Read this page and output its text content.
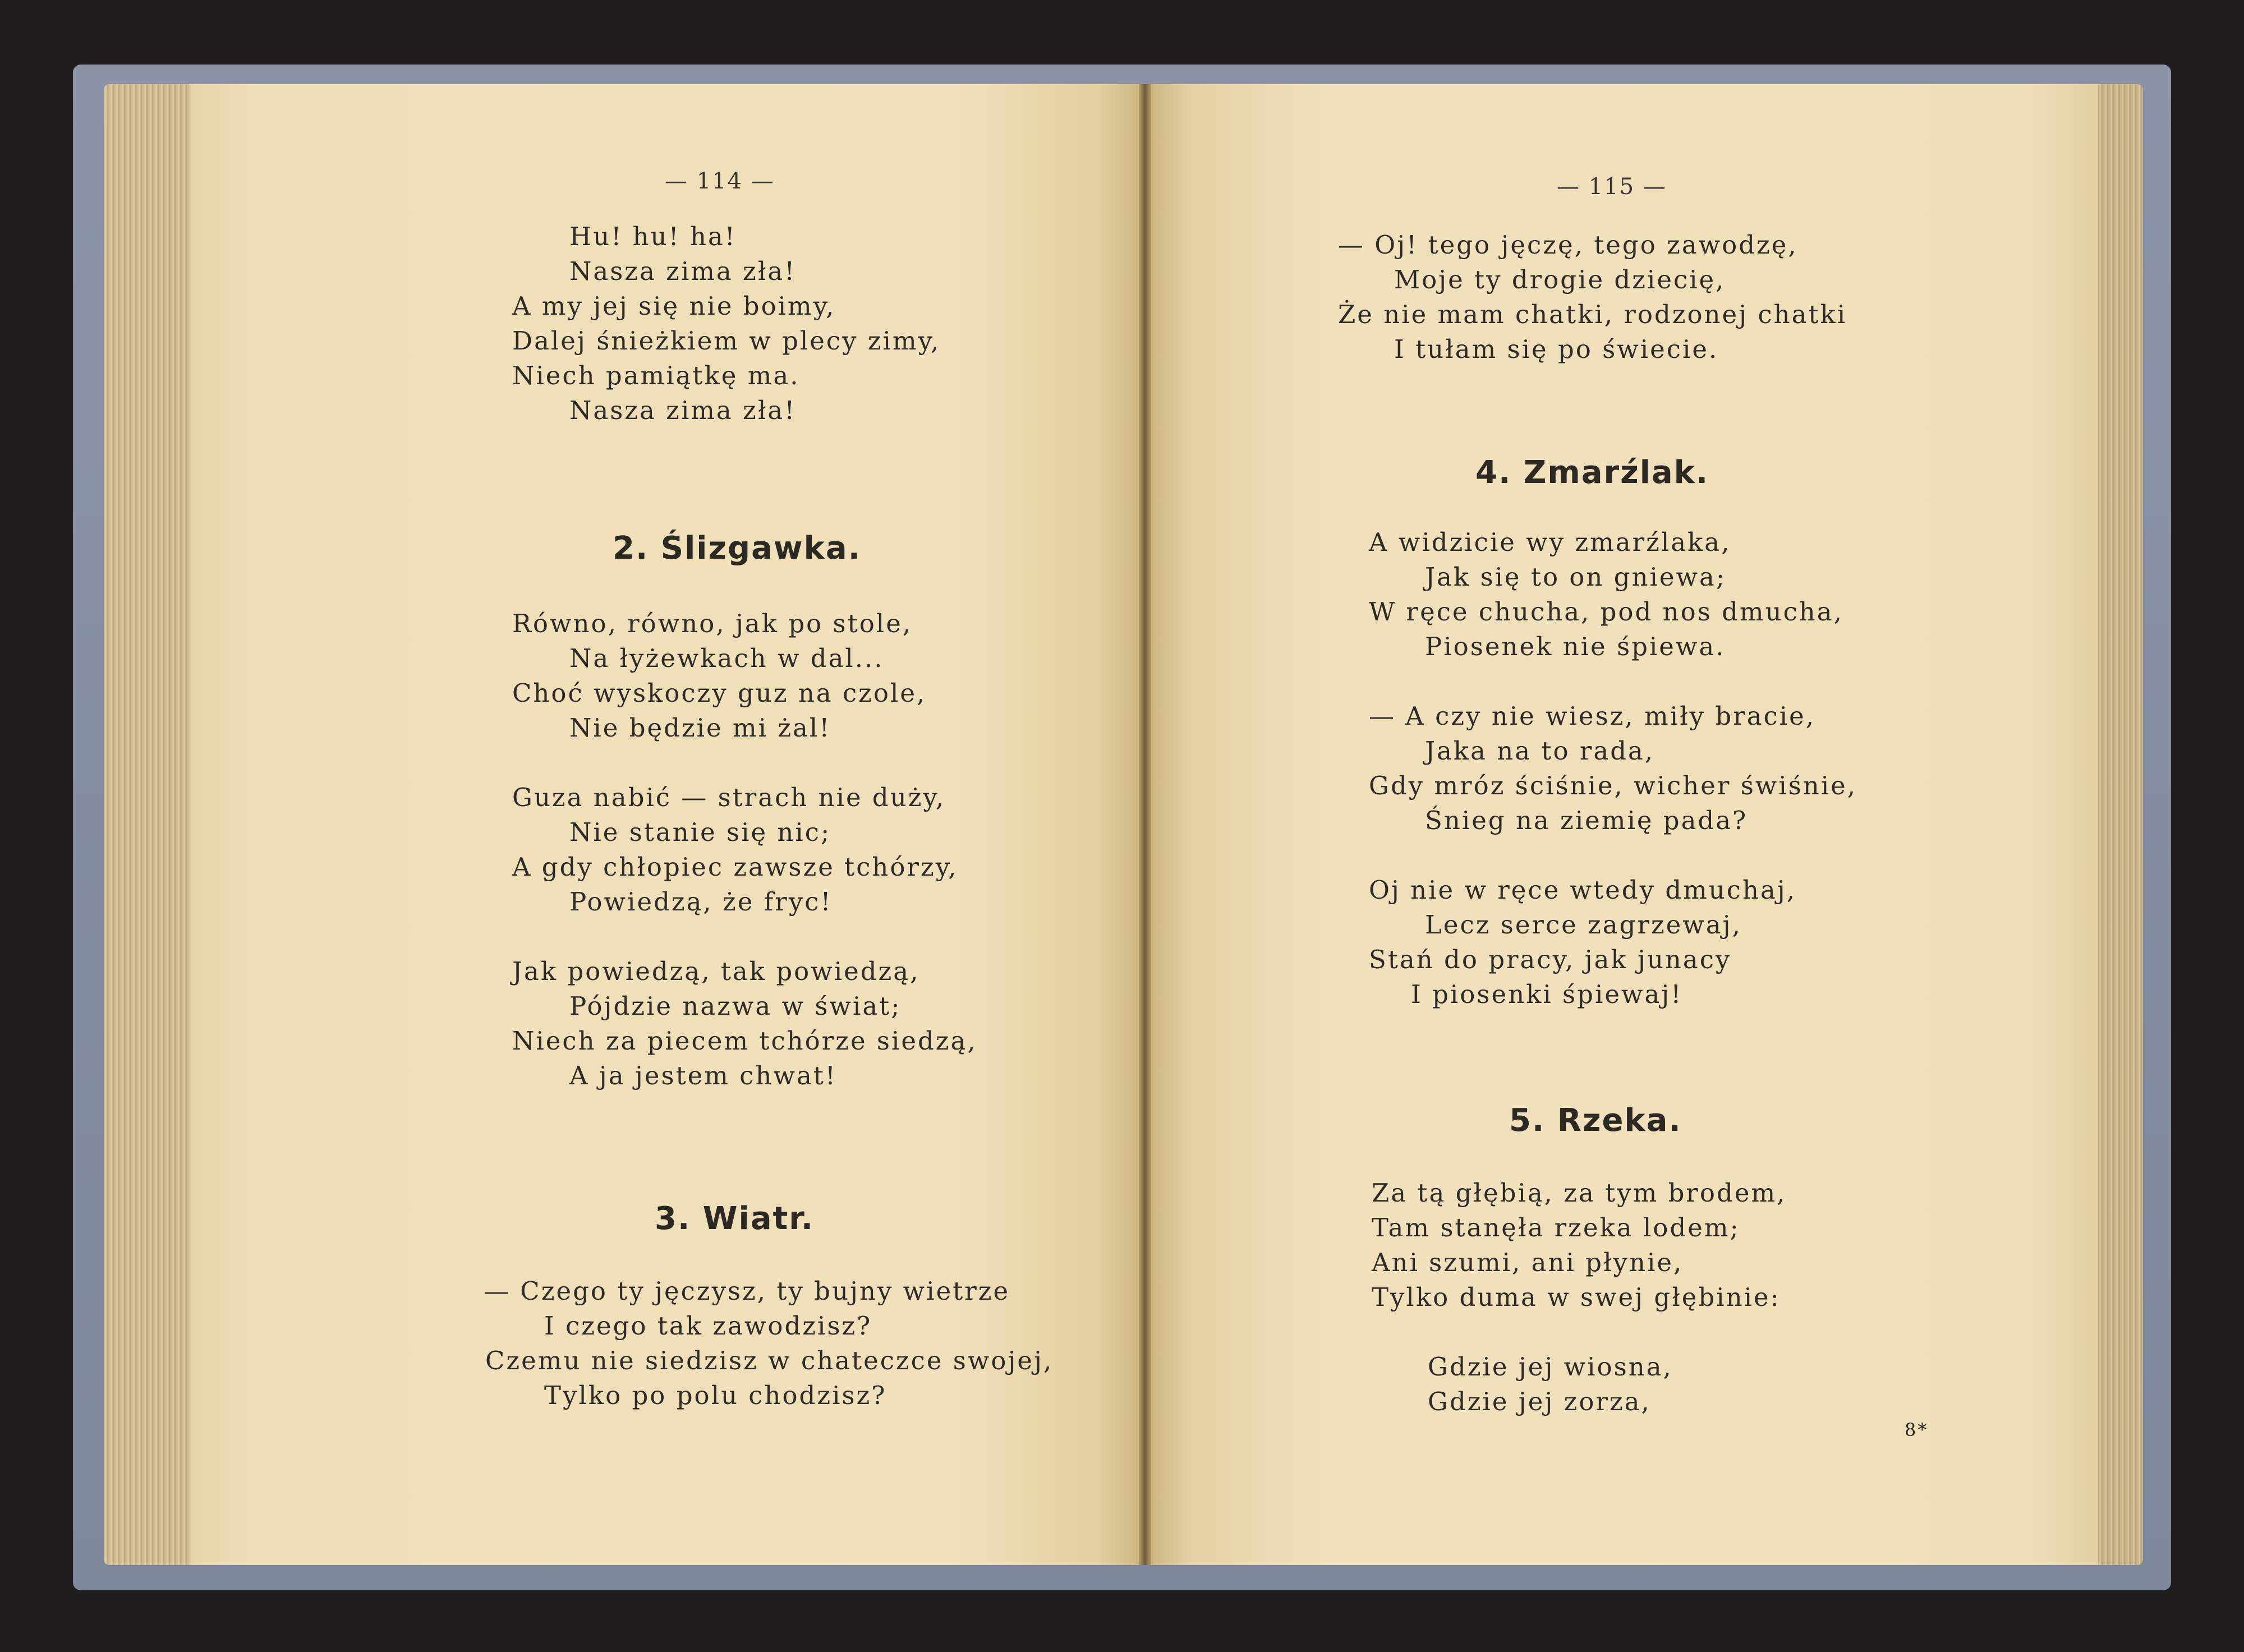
— 114 —
Hu! hu! ha!
Nasza zima zła!
A my jej się nie boimy,
Dalej śnieżkiem w plecy zimy,
Niech pamiątkę ma.
Nasza zima zła!
2. Ślizgawka.
Równo, równo, jak po stole,
Na łyżewkach w dal...
Choć wyskoczy guz na czole,
Nie będzie mi żal!
Guza nabić — strach nie duży,
Nie stanie się nic;
A gdy chłopiec zawsze tchórzy,
Powiedzą, że fryc!
Jak powiedzą, tak powiedzą,
Pójdzie nazwa w świat;
Niech za piecem tchórze siedzą,
A ja jestem chwat!
3. Wiatr.
— Czego ty jęczysz, ty bujny wietrze
I czego tak zawodzisz?
Czemu nie siedzisz w chateczce swojej,
Tylko po polu chodzisz?
— 115 —
— Oj! tego jęczę, tego zawodzę,
Moje ty drogie dziecię,
Że nie mam chatki, rodzonej chatki
I tułam się po świecie.
4. Zmarźlak.
A widzicie wy zmarźlaka,
Jak się to on gniewa;
W ręce chucha, pod nos dmucha,
Piosenek nie śpiewa.
— A czy nie wiesz, miły bracie,
Jaka na to rada,
Gdy mróz ściśnie, wicher świśnie,
Śnieg na ziemię pada?
Oj nie w ręce wtedy dmuchaj,
Lecz serce zagrzewaj,
Stań do pracy, jak junacy
I piosenki śpiewaj!
5. Rzeka.
Za tą głębią, za tym brodem,
Tam stanęła rzeka lodem;
Ani szumi, ani płynie,
Tylko duma w swej głębinie:
Gdzie jej wiosna,
Gdzie jej zorza,
8*
